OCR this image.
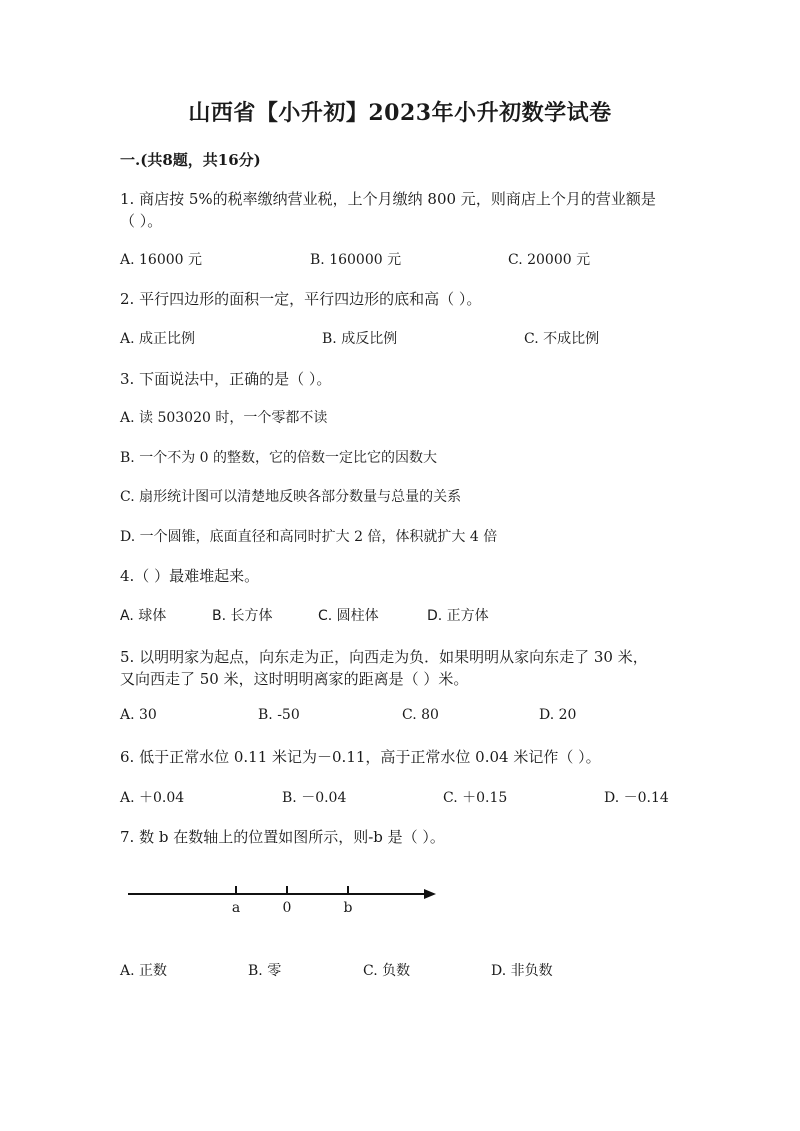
山西省【小升初】2023年小升初数学试卷
一.(共8题，共16分)
1. 商店按 5%的税率缴纳营业税，上个月缴纳 800 元，则商店上个月的营业额是
（ ）。
A. 16000 元	B. 160000 元	C. 20000 元
2. 平行四边形的面积一定，平行四边形的底和高（ ）。
A. 成正比例	B. 成反比例	C. 不成比例
3. 下面说法中，正确的是（ ）。
A. 读 503020 时，一个零都不读
B. 一个不为 0 的整数，它的倍数一定比它的因数大
C. 扇形统计图可以清楚地反映各部分数量与总量的关系
D. 一个圆锥，底面直径和高同时扩大 2 倍，体积就扩大 4 倍
4.（ ）最难堆起来。
A. 球体	B. 长方体	C. 圆柱体	D. 正方体
5. 以明明家为起点，向东走为正，向西走为负．如果明明从家向东走了 30 米，
又向西走了 50 米，这时明明离家的距离是（ ）米。
A. 30	B. -50	C. 80	D. 20
6. 低于正常水位 0.11 米记为－0.11，高于正常水位 0.04 米记作（ ）。
A. ＋0.04	B. －0.04	C. ＋0.15	D. －0.14
7. 数 b 在数轴上的位置如图所示，则-b 是（ ）。
a	0	b
A. 正数	B. 零	C. 负数	D. 非负数
